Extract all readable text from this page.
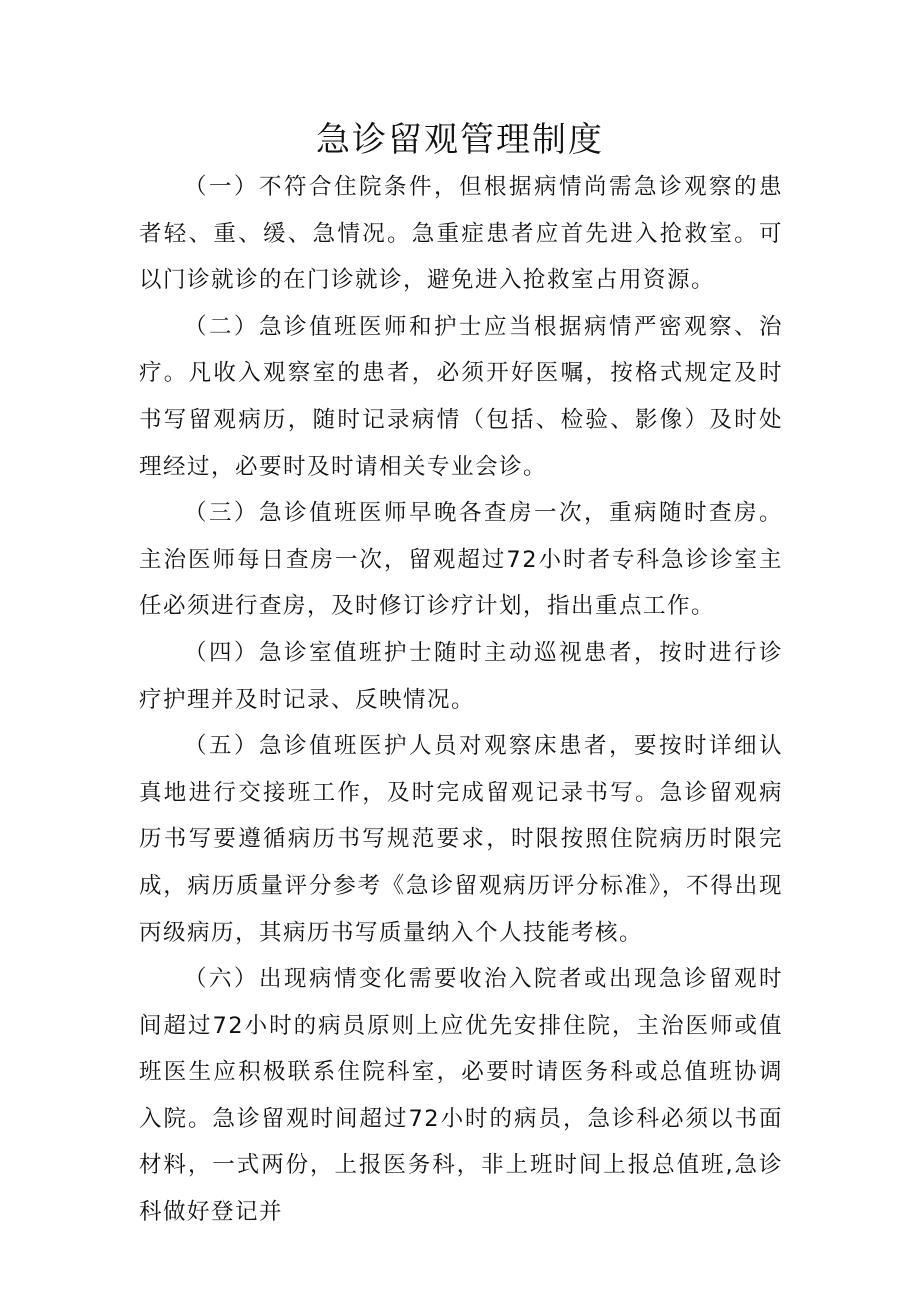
急诊留观管理制度

（一）不符合住院条件，但根据病情尚需急诊观察的患者轻、重、缓、急情况。急重症患者应首先进入抢救室。可以门诊就诊的在门诊就诊，避免进入抢救室占用资源。

（二）急诊值班医师和护士应当根据病情严密观察、治疗。凡收入观察室的患者，必须开好医嘱，按格式规定及时书写留观病历，随时记录病情（包括、检验、影像）及时处理经过，必要时及时请相关专业会诊。

（三）急诊值班医师早晚各查房一次，重病随时查房。主治医师每日查房一次，留观超过72小时者专科急诊诊室主任必须进行查房，及时修订诊疗计划，指出重点工作。

（四）急诊室值班护士随时主动巡视患者，按时进行诊疗护理并及时记录、反映情况。

（五）急诊值班医护人员对观察床患者，要按时详细认真地进行交接班工作，及时完成留观记录书写。急诊留观病历书写要遵循病历书写规范要求，时限按照住院病历时限完成，病历质量评分参考《急诊留观病历评分标准》，不得出现丙级病历，其病历书写质量纳入个人技能考核。

（六）出现病情变化需要收治入院者或出现急诊留观时间超过72小时的病员原则上应优先安排住院，主治医师或值班医生应积极联系住院科室，必要时请医务科或总值班协调入院。急诊留观时间超过72小时的病员，急诊科必须以书面材料，一式两份，上报医务科，非上班时间上报总值班,急诊科做好登记并
